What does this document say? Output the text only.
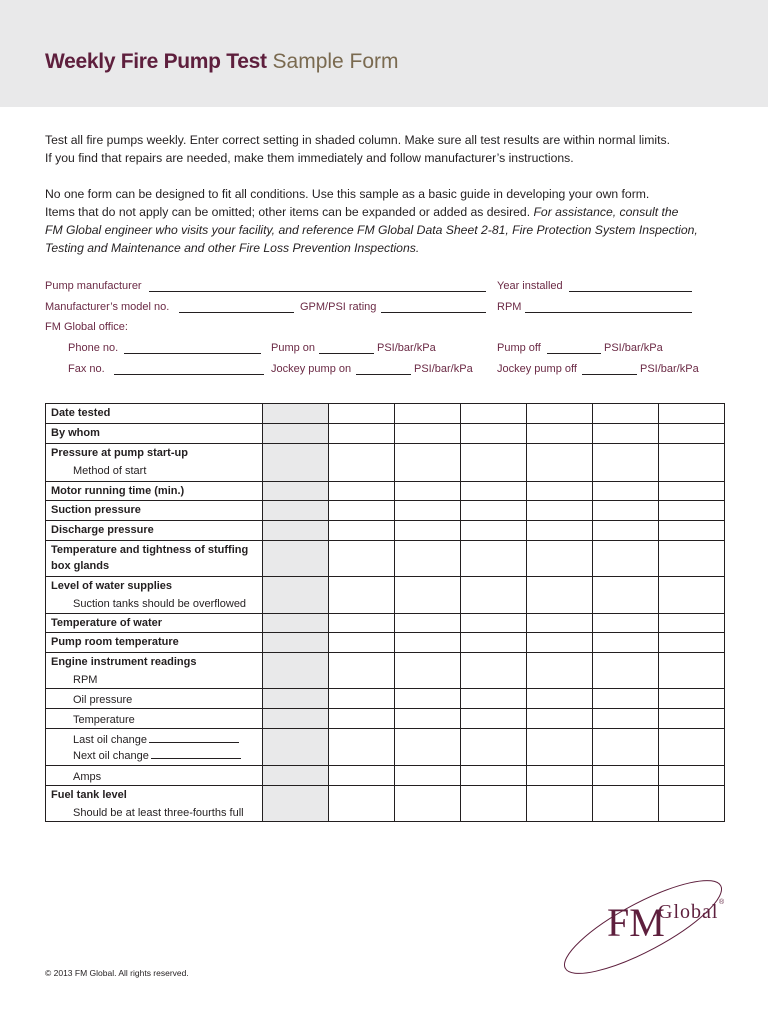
Weekly Fire Pump Test Sample Form
Test all fire pumps weekly. Enter correct setting in shaded column. Make sure all test results are within normal limits.
If you find that repairs are needed, make them immediately and follow manufacturer’s instructions.
No one form can be designed to fit all conditions. Use this sample as a basic guide in developing your own form.
Items that do not apply can be omitted; other items can be expanded or added as desired. For assistance, consult the
FM Global engineer who visits your facility, and reference FM Global Data Sheet 2-81, Fire Protection System Inspection,
Testing and Maintenance and other Fire Loss Prevention Inspections.
Pump manufacturer	Year installed
Manufacturer’s model no.	GPM/PSI rating	RPM
FM Global office:
Phone no.	Pump on	PSI/bar/kPa	Pump off	PSI/bar/kPa
Fax no.	Jockey pump on	PSI/bar/kPa Jockey pump off	PSI/bar/kPa
Date tested							

By whom							

Pressure at pump start-up
Method of start							

Motor running time (min.)							

Suction pressure							

Discharge pressure							

Temperature and tightness of stuffing
box glands							

Level of water supplies
Suction tanks should be overflowed							

Temperature of water							

Pump room temperature							

Engine instrument readings
RPM							

Oil pressure							

Temperature							

Last oil change
Next oil change							

Amps							

Fuel tank level
Should be at least three-fourths full							

FM
Global ®
© 2013 FM Global. All rights reserved.
